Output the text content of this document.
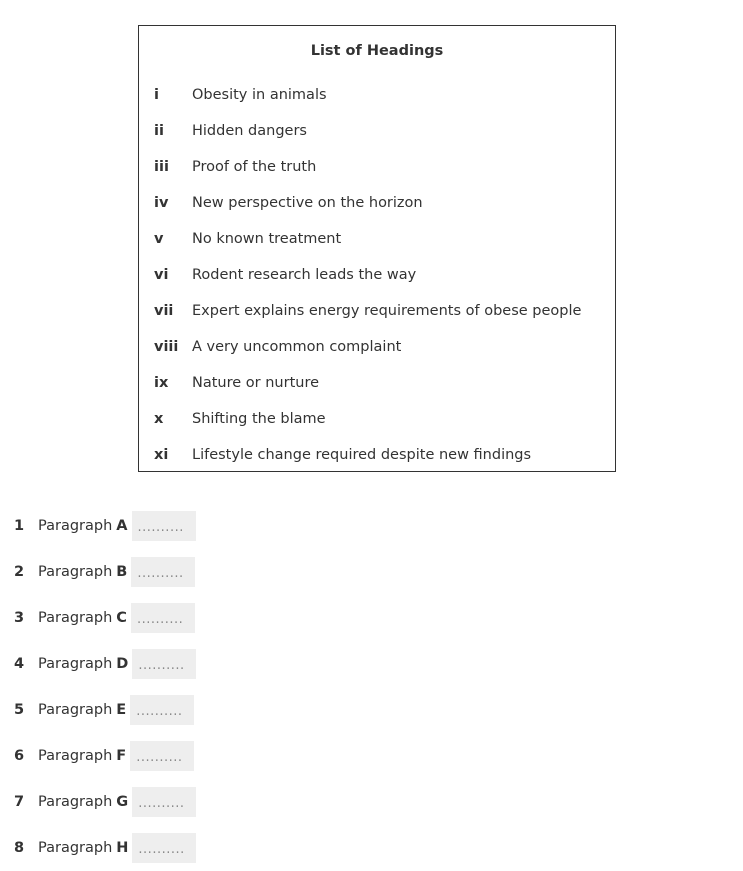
List of Headings
i	Obesity in animals
ii	Hidden dangers
iii	Proof of the truth
iv	New perspective on the horizon
v	No known treatment
vi	Rodent research leads the way
vii	Expert explains energy requirements of obese people
viii A very uncommon complaint
ix	Nature or nurture
x	Shifting the blame
xi	Lifestyle change required despite new findings
1 Paragraph A ..........
2 Paragraph B ..........
3 Paragraph C ..........
4 Paragraph D ..........
5 Paragraph E ..........
6 Paragraph F ..........
7 Paragraph G ..........
8 Paragraph H ..........
